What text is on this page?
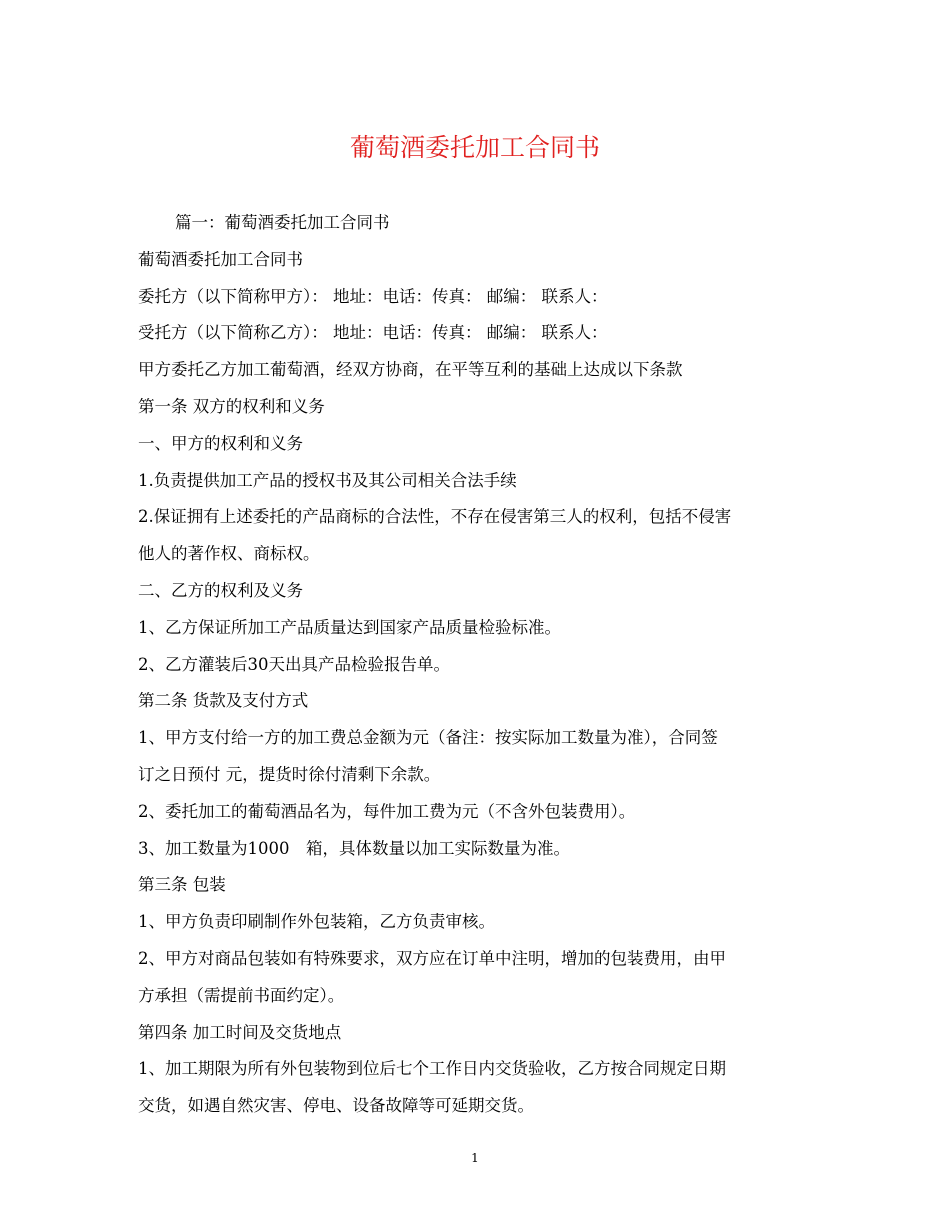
葡萄酒委托加工合同书

篇一：葡萄酒委托加工合同书

葡萄酒委托加工合同书

委托方（以下简称甲方）： 地址：电话：传真： 邮编： 联系人：

受托方（以下简称乙方）： 地址：电话：传真： 邮编： 联系人：

甲方委托乙方加工葡萄酒，经双方协商，在平等互利的基础上达成以下条款

第一条 双方的权利和义务

一、甲方的权利和义务

1.负责提供加工产品的授权书及其公司相关合法手续

2.保证拥有上述委托的产品商标的合法性，不存在侵害第三人的权利，包括不侵害

他人的著作权、商标权。

二、乙方的权利及义务

1、乙方保证所加工产品质量达到国家产品质量检验标准。

2、乙方灌装后30天出具产品检验报告单。

第二条 货款及支付方式

1、甲方支付给一方的加工费总金额为元（备注：按实际加工数量为准），合同签

订之日预付 元，提货时徐付清剩下余款。

2、委托加工的葡萄酒品名为，每件加工费为元（不含外包装费用）。

3、加工数量为1000　箱，具体数量以加工实际数量为准。

第三条 包装

1、甲方负责印刷制作外包装箱，乙方负责审核。

2、甲方对商品包装如有特殊要求，双方应在订单中注明，增加的包装费用，由甲

方承担（需提前书面约定）。

第四条 加工时间及交货地点

1、加工期限为所有外包装物到位后七个工作日内交货验收，乙方按合同规定日期

交货，如遇自然灾害、停电、设备故障等可延期交货。

1
